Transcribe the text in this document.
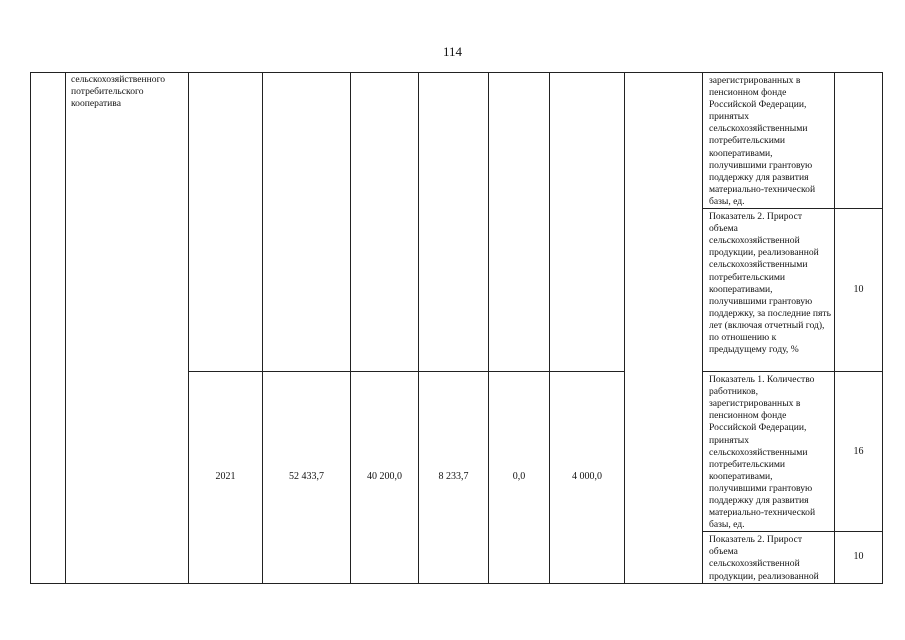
114
	сельскохозяйственного потребительского кооператива								зарегистрированных в пенсионном фонде Российской Федерации, принятых сельскохозяйственными потребительскими кооперативами, получившими грантовую поддержку для развития материально-технической базы, ед.	
									Показатель 2. Прирост объема сельскохозяйственной продукции, реализованной сельскохозяйственными потребительскими кооперативами, получившими грантовую поддержку, за последние пять лет (включая отчетный год), по отношению к предыдущему году, %	10
		2021	52 433,7	40 200,0	8 233,7	0,0	4 000,0		Показатель 1. Количество работников, зарегистрированных в пенсионном фонде Российской Федерации, принятых сельскохозяйственными потребительскими кооперативами, получившими грантовую поддержку для развития материально-технической базы, ед.	16
									Показатель 2. Прирост объема сельскохозяйственной продукции, реализованной	10
